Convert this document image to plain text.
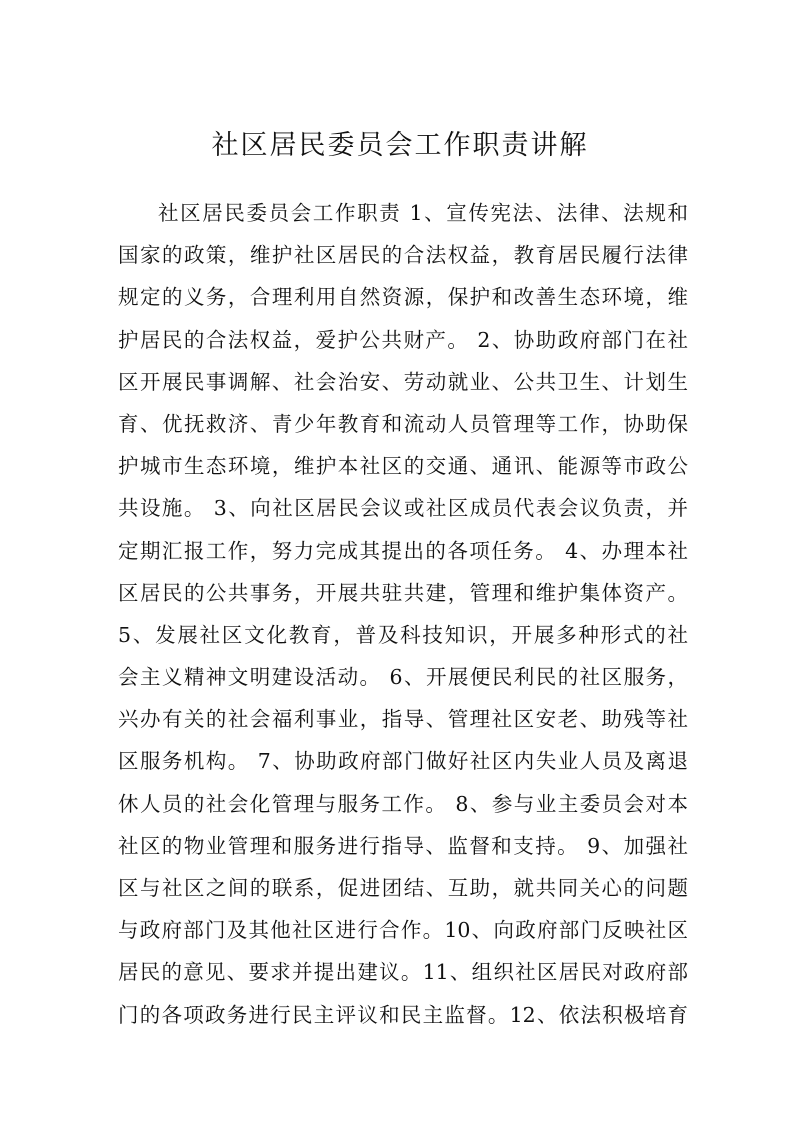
社区居民委员会工作职责讲解
社区居民委员会工作职责 1、宣传宪法、法律、法规和
国家的政策，维护社区居民的合法权益，教育居民履行法律
规定的义务，合理利用自然资源，保护和改善生态环境，维
护居民的合法权益，爱护公共财产。 2、协助政府部门在社
区开展民事调解、社会治安、劳动就业、公共卫生、计划生
育、优抚救济、青少年教育和流动人员管理等工作，协助保
护城市生态环境，维护本社区的交通、通讯、能源等市政公
共设施。 3、向社区居民会议或社区成员代表会议负责，并
定期汇报工作，努力完成其提出的各项任务。 4、办理本社
区居民的公共事务，开展共驻共建，管理和维护集体资产。
5、发展社区文化教育，普及科技知识，开展多种形式的社
会主义精神文明建设活动。 6、开展便民利民的社区服务，
兴办有关的社会福利事业，指导、管理社区安老、助残等社
区服务机构。 7、协助政府部门做好社区内失业人员及离退
休人员的社会化管理与服务工作。 8、参与业主委员会对本
社区的物业管理和服务进行指导、监督和支持。 9、加强社
区与社区之间的联系，促进团结、互助，就共同关心的问题
与政府部门及其他社区进行合作。10、向政府部门反映社区
居民的意见、要求并提出建议。11、组织社区居民对政府部
门的各项政务进行民主评议和民主监督。12、依法积极培育
